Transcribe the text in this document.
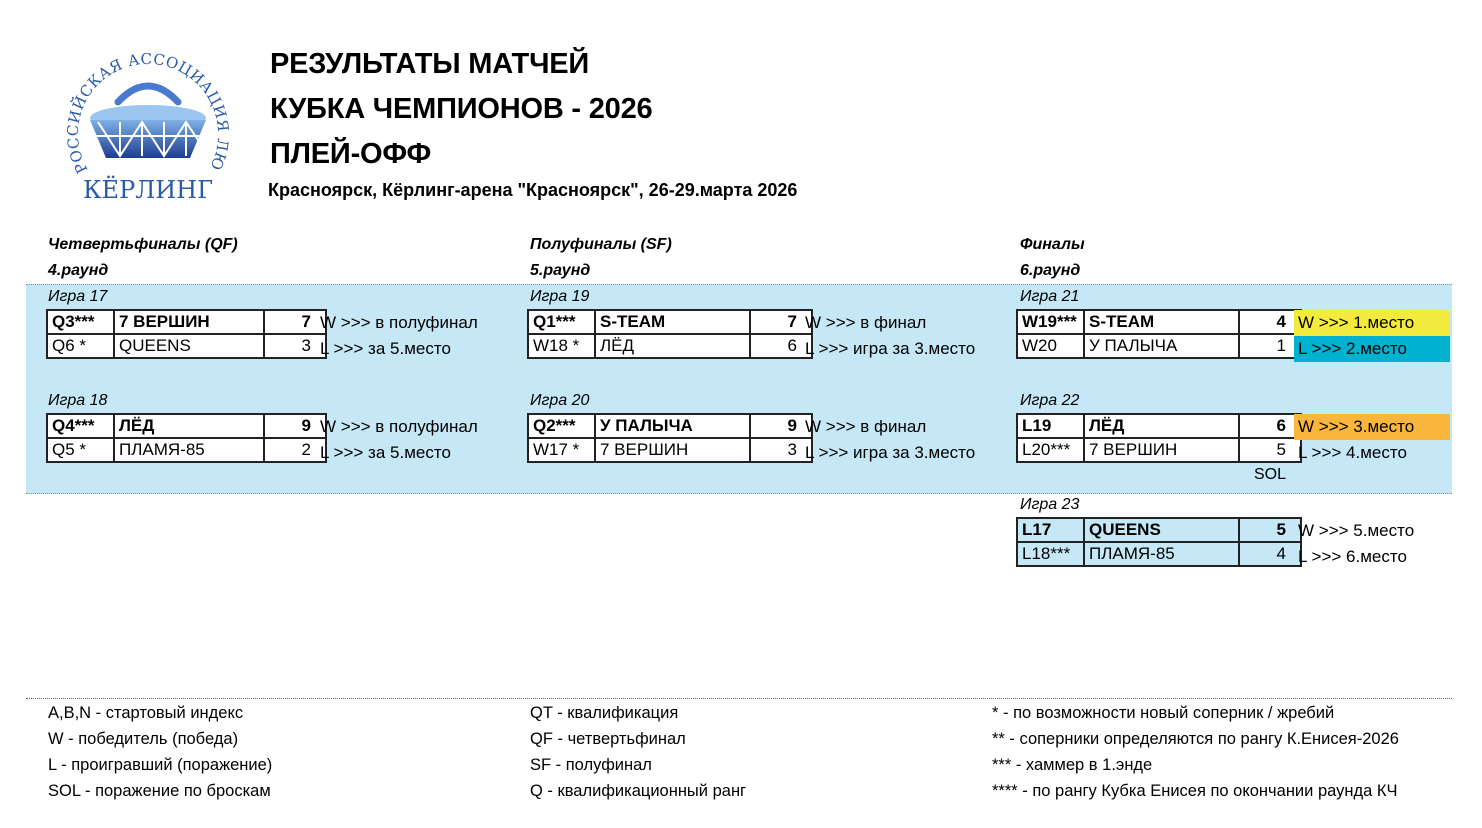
РОССИЙСКАЯ АССОЦИАЦИЯ ЛЮ
КЁРЛИНГ
РЕЗУЛЬТАТЫ МАТЧЕЙ
КУБКА ЧЕМПИОНОВ - 2026
ПЛЕЙ-ОФФ
Красноярск, Кёрлинг-арена "Красноярск", 26-29.марта 2026
Четвертьфиналы (QF)
4.раунд
Полуфиналы (SF)
5.раунд
Финалы
6.раунд
Игра 17
Q3***	7 ВЕРШИН	7
Q6 *	QUEENS	3
W >>> в полуфинал
L >>> за 5.место
Игра 18
Q4***	ЛЁД	9
Q5 *	ПЛАМЯ-85	2
W >>> в полуфинал
L >>> за 5.место
Игра 19
Q1***	S-TEAM	7
W18 *	ЛЁД	6
W >>> в финал
L >>> игра за 3.место
Игра 20
Q2***	У ПАЛЫЧА	9
W17 *	7 ВЕРШИН	3
W >>> в финал
L >>> игра за 3.место
Игра 21
W19***	S-TEAM	4
W20	У ПАЛЫЧА	1
W >>> 1.место
L >>> 2.место
Игра 22
L19	ЛЁД	6
L20***	7 ВЕРШИН	5
W >>> 3.место
L >>> 4.место
SOL
Игра 23
L17	QUEENS	5
L18***	ПЛАМЯ-85	4
W >>> 5.место
L >>> 6.место
A,B,N - стартовый индекс
W - победитель (победа)
L - проигравший (поражение)
SOL - поражение по броскам
QT - квалификация
QF - четвертьфинал
SF - полуфинал
Q - квалификационный ранг
* - по возможности новый соперник / жребий
** - соперники определяются по рангу К.Енисея-2026
*** - хаммер в 1.энде
**** - по рангу Кубка Енисея по окончании раунда КЧ
